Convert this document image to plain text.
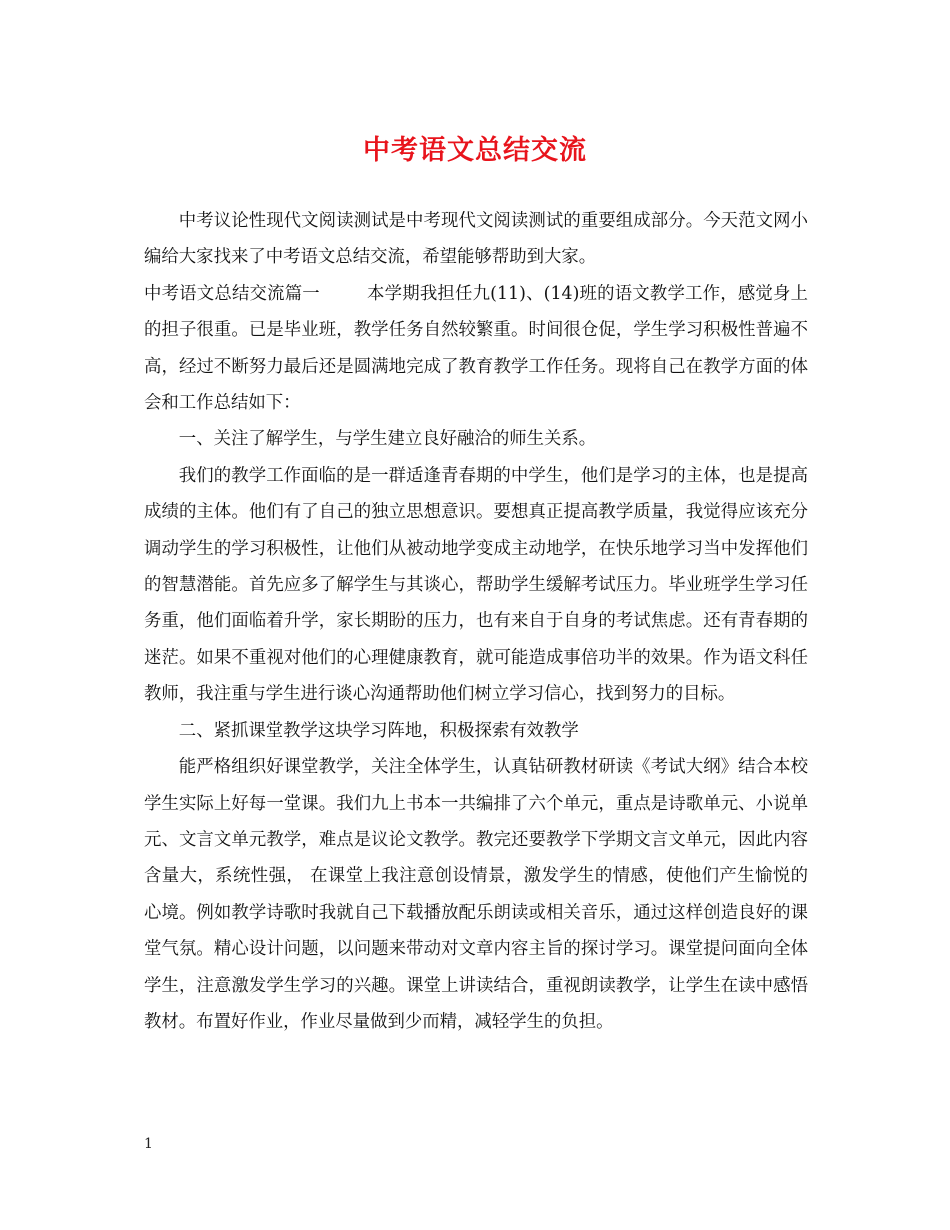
中考语文总结交流

中考议论性现代文阅读测试是中考现代文阅读测试的重要组成部分。今天范文网小编给大家找来了中考语文总结交流，希望能够帮助到大家。

中考语文总结交流篇一	本学期我担任九(11)、(14)班的语文教学工作，感觉身上的担子很重。已是毕业班，教学任务自然较繁重。时间很仓促，学生学习积极性普遍不高，经过不断努力最后还是圆满地完成了教育教学工作任务。现将自己在教学方面的体会和工作总结如下：

一、关注了解学生，与学生建立良好融洽的师生关系。

我们的教学工作面临的是一群适逢青春期的中学生，他们是学习的主体，也是提高成绩的主体。他们有了自己的独立思想意识。要想真正提高教学质量，我觉得应该充分调动学生的学习积极性，让他们从被动地学变成主动地学，在快乐地学习当中发挥他们的智慧潜能。首先应多了解学生与其谈心，帮助学生缓解考试压力。毕业班学生学习任务重，他们面临着升学，家长期盼的压力，也有来自于自身的考试焦虑。还有青春期的迷茫。如果不重视对他们的心理健康教育，就可能造成事倍功半的效果。作为语文科任教师，我注重与学生进行谈心沟通帮助他们树立学习信心，找到努力的目标。

二、紧抓课堂教学这块学习阵地，积极探索有效教学

能严格组织好课堂教学，关注全体学生，认真钻研教材研读《考试大纲》结合本校学生实际上好每一堂课。我们九上书本一共编排了六个单元，重点是诗歌单元、小说单元、文言文单元教学，难点是议论文教学。教完还要教学下学期文言文单元，因此内容含量大，系统性强， 在课堂上我注意创设情景，激发学生的情感，使他们产生愉悦的心境。例如教学诗歌时我就自己下载播放配乐朗读或相关音乐，通过这样创造良好的课堂气氛。精心设计问题，以问题来带动对文章内容主旨的探讨学习。课堂提问面向全体学生，注意激发学生学习的兴趣。课堂上讲读结合，重视朗读教学，让学生在读中感悟教材。布置好作业，作业尽量做到少而精，减轻学生的负担。

1
